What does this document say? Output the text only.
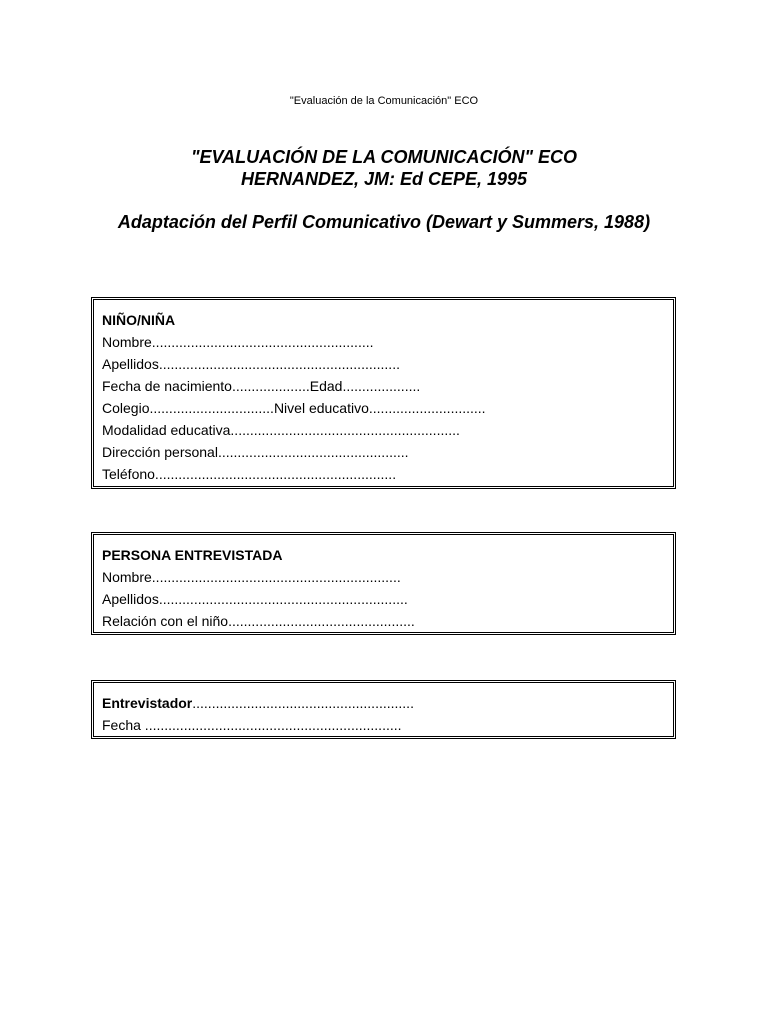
"Evaluación de la Comunicación" ECO
"EVALUACIÓN DE LA COMUNICACIÓN" ECO
HERNANDEZ, JM: Ed CEPE, 1995
Adaptación del Perfil Comunicativo (Dewart y Summers, 1988)
NIÑO/NIÑA
Nombre.........................................................
Apellidos..............................................................
Fecha de nacimiento....................Edad....................
Colegio................................Nivel educativo..............................
Modalidad educativa...........................................................
Dirección personal.................................................
Teléfono..............................................................
PERSONA ENTREVISTADA
Nombre................................................................
Apellidos................................................................
Relación con el niño................................................
Entrevistador.........................................................
Fecha ..................................................................
